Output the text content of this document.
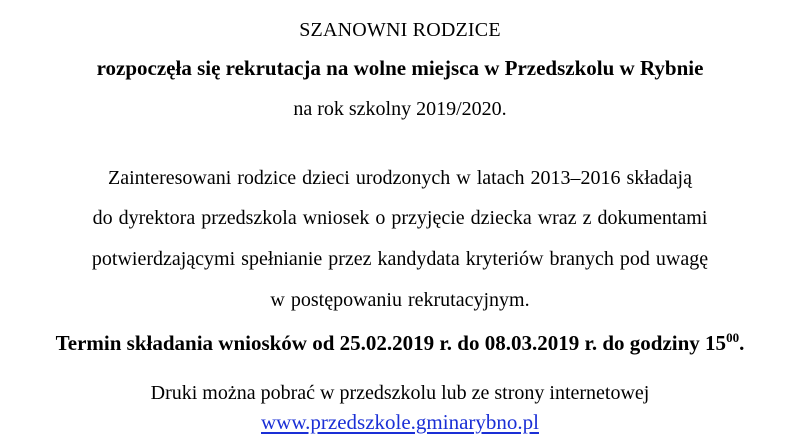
SZANOWNI RODZICE
rozpoczęła się rekrutacja na wolne miejsca w Przedszkolu w Rybnie
na rok szkolny 2019/2020.
Zainteresowani rodzice dzieci urodzonych w latach 2013–2016 składają
do dyrektora przedszkola wniosek o przyjęcie dziecka wraz z dokumentami
potwierdzającymi spełnianie przez kandydata kryteriów branych pod uwagę
w postępowaniu rekrutacyjnym.
Termin składania wniosków od 25.02.2019 r. do 08.03.2019 r. do godziny $15^{00}$.
Druki można pobrać w przedszkolu lub ze strony internetowej
www.przedszkole.gminarybno.pl
